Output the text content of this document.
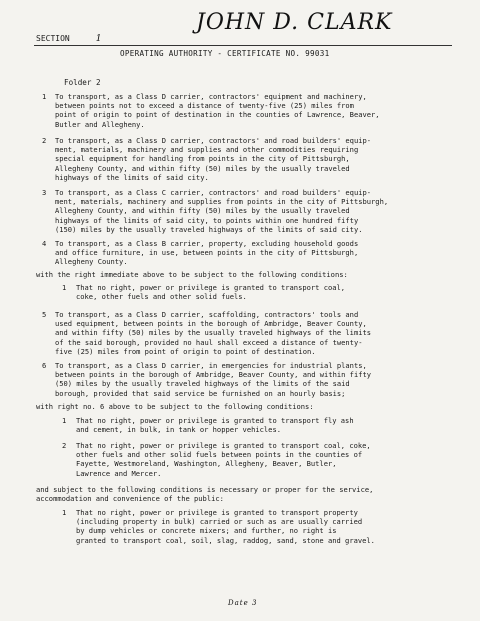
JOHN D. CLARK
SECTION	1
OPERATING AUTHORITY - CERTIFICATE NO. 99031
Folder 2
1 To transport, as a Class D carrier, contractors' equipment and machinery,
between points not to exceed a distance of twenty-five (25) miles from
point of origin to point of destination in the counties of Lawrence, Beaver,
Butler and Allegheny.
2 To transport, as a Class D carrier, contractors' and road builders' equip-
ment, materials, machinery and supplies and other commodities requiring
special equipment for handling from points in the city of Pittsburgh,
Allegheny County, and within fifty (50) miles by the usually traveled
highways of the limits of said city.
3 To transport, as a Class C carrier, contractors' and road builders' equip-
ment, materials, machinery and supplies from points in the city of Pittsburgh,
Allegheny County, and within fifty (50) miles by the usually traveled
highways of the limits of said city, to points within one hundred fifty
(150) miles by the usually traveled highways of the limits of said city.
4 To transport, as a Class B carrier, property, excluding household goods
and office furniture, in use, between points in the city of Pittsburgh,
Allegheny County.
with the right immediate above to be subject to the following conditions:
1 That no right, power or privilege is granted to transport coal,
coke, other fuels and other solid fuels.
5 To transport, as a Class D carrier, scaffolding, contractors' tools and
used equipment, between points in the borough of Ambridge, Beaver County,
and within fifty (50) miles by the usually traveled highways of the limits
of the said borough, provided no haul shall exceed a distance of twenty-
five (25) miles from point of origin to point of destination.
6 To transport, as a Class D carrier, in emergencies for industrial plants,
between points in the borough of Ambridge, Beaver County, and within fifty
(50) miles by the usually traveled highways of the limits of the said
borough, provided that said service be furnished on an hourly basis;
with right no. 6 above to be subject to the following conditions:
1 That no right, power or privilege is granted to transport fly ash
and cement, in bulk, in tank or hopper vehicles.
2 That no right, power or privilege is granted to transport coal, coke,
other fuels and other solid fuels between points in the counties of
Fayette, Westmoreland, Washington, Allegheny, Beaver, Butler,
Lawrence and Mercer.
and subject to the following conditions is necessary or proper for the service,
accommodation and convenience of the public:
1 That no right, power or privilege is granted to transport property
(including property in bulk) carried or such as are usually carried
by dump vehicles or concrete mixers; and further, no right is
granted to transport coal, soil, slag, raddog, sand, stone and gravel.
Date 3
